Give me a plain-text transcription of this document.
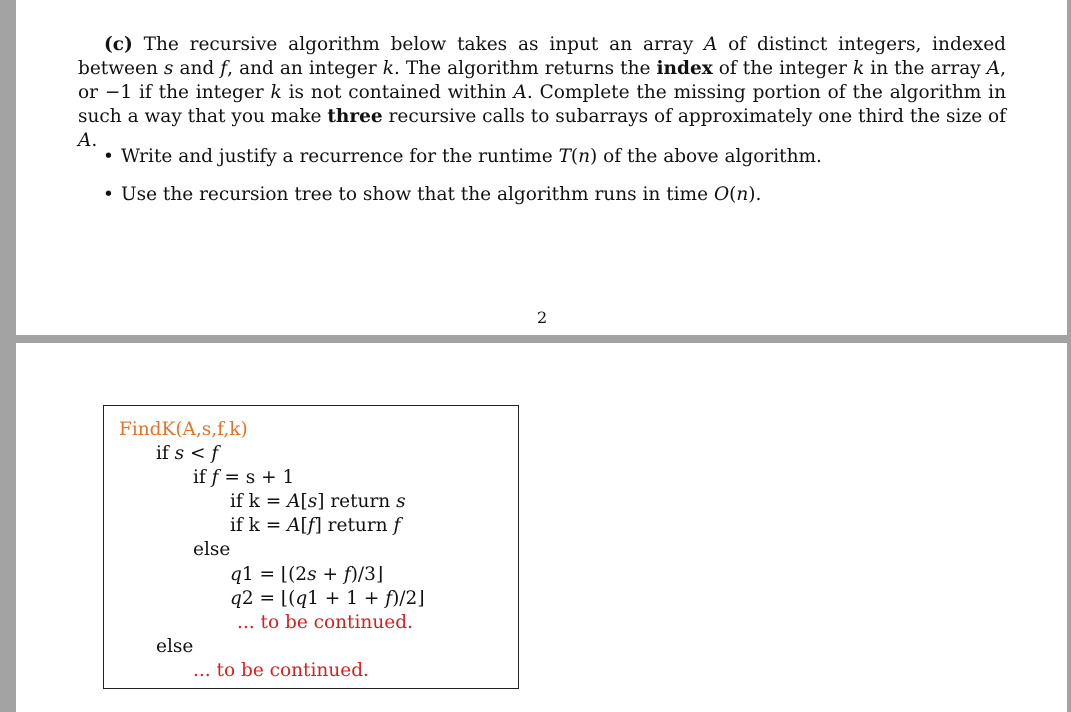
(c) The recursive algorithm below takes as input an array A of distinct integers, indexed between s and f, and an integer k. The algorithm returns the index of the integer k in the array A, or −1 if the integer k is not contained within A. Complete the missing portion of the algorithm in such a way that you make three recursive calls to subarrays of approximately one third the size of A.
• Write and justify a recurrence for the runtime T(n) of the above algorithm.
• Use the recursion tree to show that the algorithm runs in time O(n).
2
FindK(A,s,f,k)
if s < f
if f = s + 1
if k = A[s] return s
if k = A[f] return f
else
q1 = ⌊(2s + f)/3⌋
q2 = ⌊(q1 + 1 + f)/2⌋
... to be continued.
else
... to be continued.
